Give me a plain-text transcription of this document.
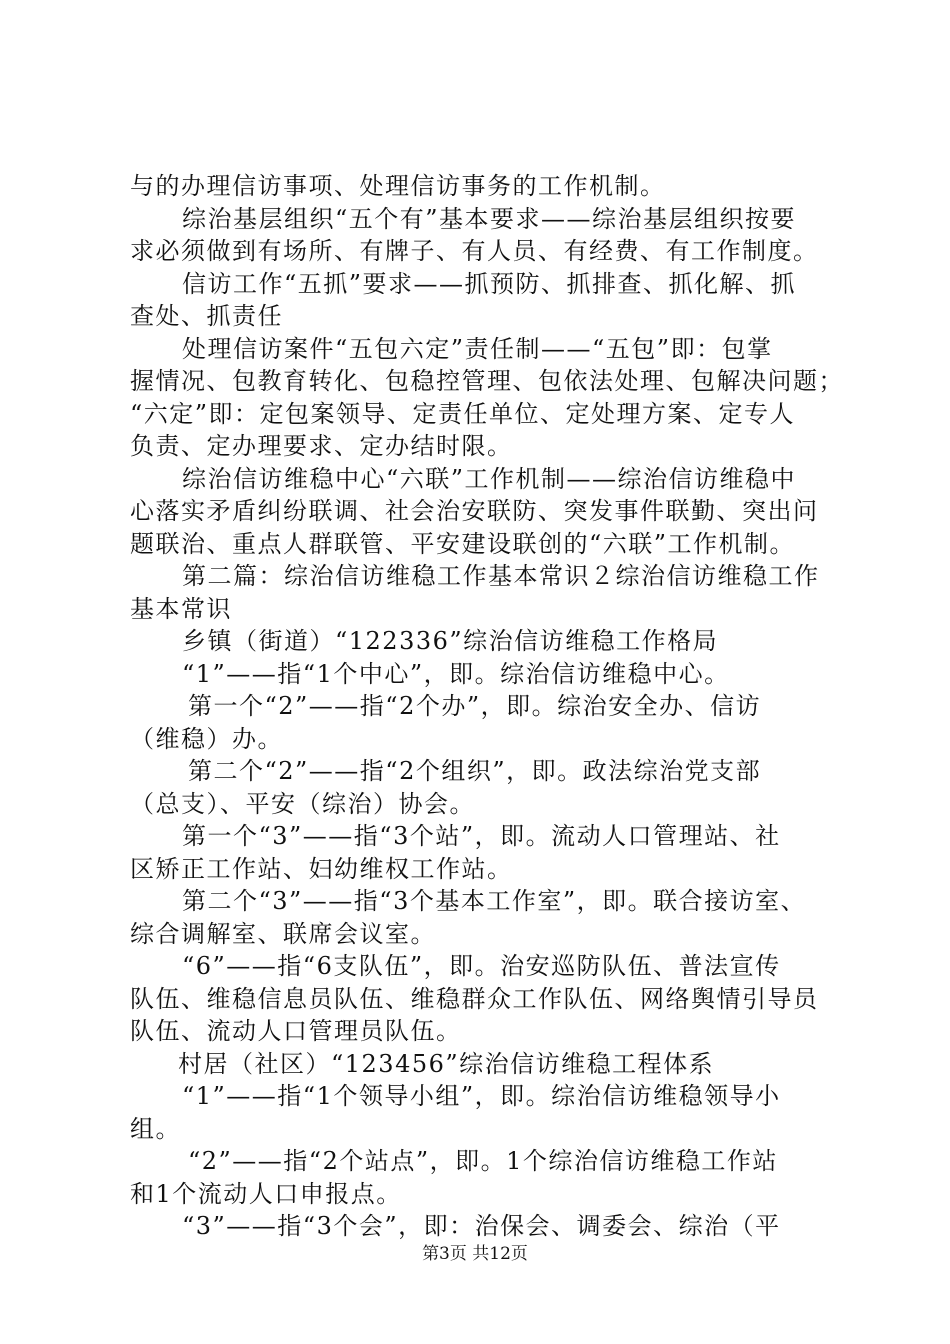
与的办理信访事项、处理信访事务的工作机制。
综治基层组织“五个有”基本要求——综治基层组织按要
求必须做到有场所、有牌子、有人员、有经费、有工作制度。
信访工作“五抓”要求——抓预防、抓排查、抓化解、抓
查处、抓责任
处理信访案件“五包六定”责任制——“五包”即：包掌
握情况、包教育转化、包稳控管理、包依法处理、包解决问题；
“六定”即：定包案领导、定责任单位、定处理方案、定专人
负责、定办理要求、定办结时限。
综治信访维稳中心“六联”工作机制——综治信访维稳中
心落实矛盾纠纷联调、社会治安联防、突发事件联勤、突出问
题联治、重点人群联管、平安建设联创的“六联”工作机制。
第二篇：综治信访维稳工作基本常识２综治信访维稳工作
基本常识
乡镇（街道）“122336”综治信访维稳工作格局
“1”——指“1个中心”，即。综治信访维稳中心。
第一个“2”——指“2个办”，即。综治安全办、信访
（维稳）办。
第二个“2”——指“2个组织”，即。政法综治党支部
（总支）、平安（综治）协会。
第一个“3”——指“3个站”，即。流动人口管理站、社
区矫正工作站、妇幼维权工作站。
第二个“3”——指“3个基本工作室”，即。联合接访室、
综合调解室、联席会议室。
“6”——指“6支队伍”，即。治安巡防队伍、普法宣传
队伍、维稳信息员队伍、维稳群众工作队伍、网络舆情引导员
队伍、流动人口管理员队伍。
村居（社区）“123456”综治信访维稳工程体系
“1”——指“1个领导小组”，即。综治信访维稳领导小
组。
“2”——指“2个站点”，即。1个综治信访维稳工作站
和1个流动人口申报点。
“3”——指“3个会”，即：治保会、调委会、综治（平
第3页 共12页
